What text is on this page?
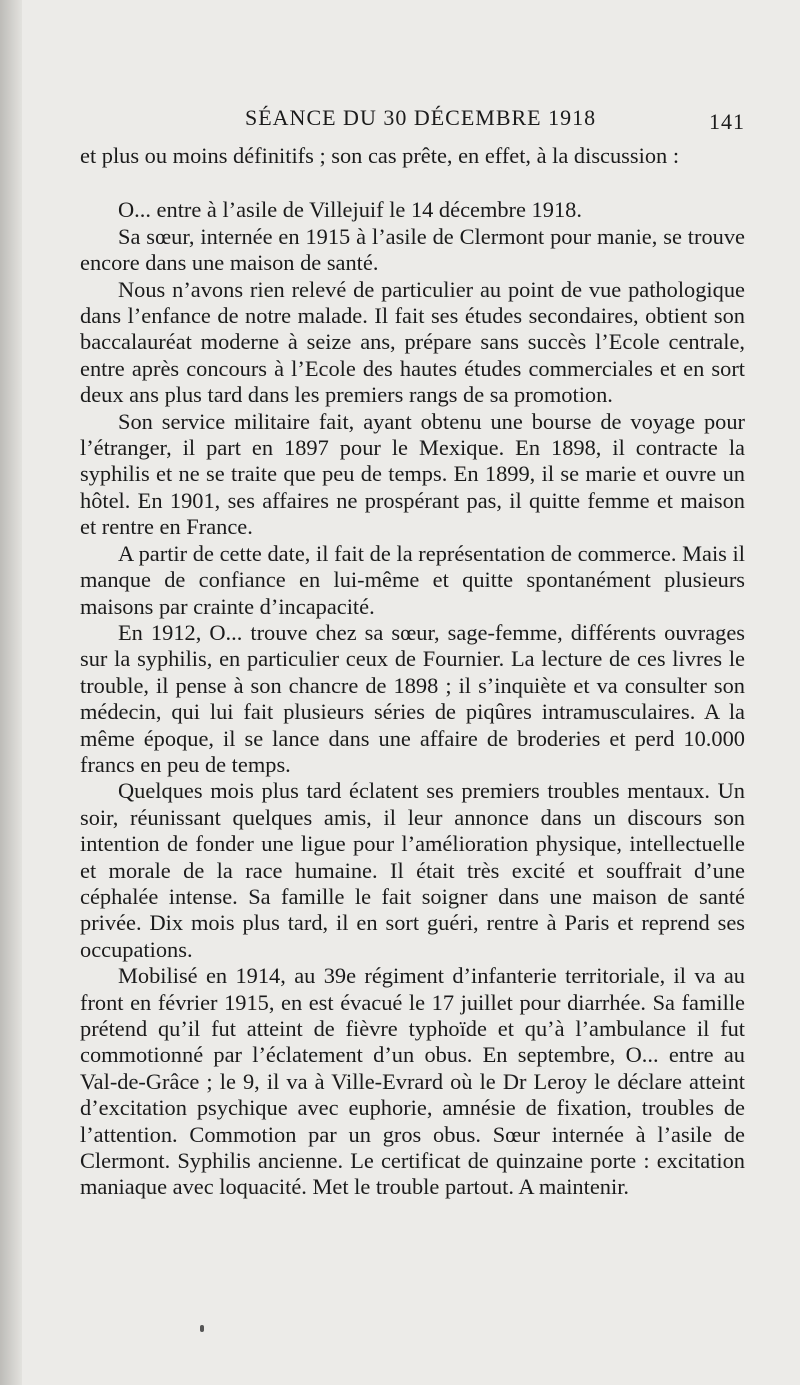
SÉANCE DU 30 DÉCEMBRE 1918	141

et plus ou moins définitifs ; son cas prête, en effet, à la discussion :

O... entre à l’asile de Villejuif le 14 décembre 1918.

Sa sœur, internée en 1915 à l’asile de Clermont pour manie, se trouve encore dans une maison de santé.

Nous n’avons rien relevé de particulier au point de vue pathologique dans l’enfance de notre malade. Il fait ses études secondaires, obtient son baccalauréat moderne à seize ans, prépare sans succès l’Ecole centrale, entre après concours à l’Ecole des hautes études commerciales et en sort deux ans plus tard dans les premiers rangs de sa promotion.

Son service militaire fait, ayant obtenu une bourse de voyage pour l’étranger, il part en 1897 pour le Mexique. En 1898, il contracte la syphilis et ne se traite que peu de temps. En 1899, il se marie et ouvre un hôtel. En 1901, ses affaires ne prospérant pas, il quitte femme et maison et rentre en France.

A partir de cette date, il fait de la représentation de commerce. Mais il manque de confiance en lui-même et quitte spontanément plusieurs maisons par crainte d’incapacité.

En 1912, O... trouve chez sa sœur, sage-femme, différents ouvrages sur la syphilis, en particulier ceux de Fournier. La lecture de ces livres le trouble, il pense à son chancre de 1898 ; il s’inquiète et va consulter son médecin, qui lui fait plusieurs séries de piqûres intramusculaires. A la même époque, il se lance dans une affaire de broderies et perd 10.000 francs en peu de temps.

Quelques mois plus tard éclatent ses premiers troubles mentaux. Un soir, réunissant quelques amis, il leur annonce dans un discours son intention de fonder une ligue pour l’amélioration physique, intellectuelle et morale de la race humaine. Il était très excité et souffrait d’une céphalée intense. Sa famille le fait soigner dans une maison de santé privée. Dix mois plus tard, il en sort guéri, rentre à Paris et reprend ses occupations.

Mobilisé en 1914, au 39e régiment d’infanterie territoriale, il va au front en février 1915, en est évacué le 17 juillet pour diarrhée. Sa famille prétend qu’il fut atteint de fièvre typhoïde et qu’à l’ambulance il fut commotionné par l’éclatement d’un obus. En septembre, O... entre au Val-de-Grâce ; le 9, il va à Ville-Evrard où le Dr Leroy le déclare atteint d’excitation psychique avec euphorie, amnésie de fixation, troubles de l’attention. Commotion par un gros obus. Sœur internée à l’asile de Clermont. Syphilis ancienne. Le certificat de quinzaine porte : excitation maniaque avec loquacité. Met le trouble partout. A maintenir.
